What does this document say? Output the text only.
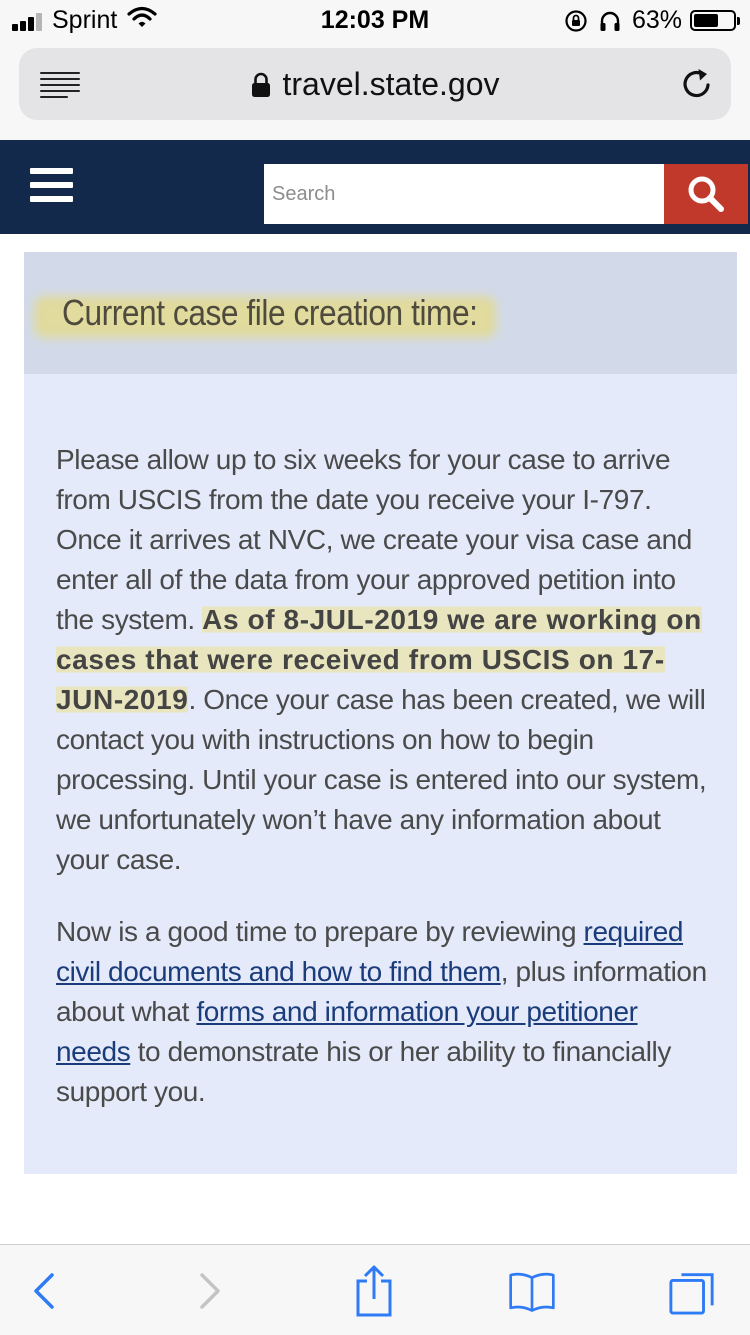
Sprint	12:03 PM	63%
travel.state.gov
Search
Current case file creation time:

Please allow up to six weeks for your case to arrive from USCIS from the date you receive your I-797. Once it arrives at NVC, we create your visa case and enter all of the data from your approved petition into the system. As of 8-JUL-2019 we are working on cases that were received from USCIS on 17-JUN-2019. Once your case has been created, we will contact you with instructions on how to begin processing. Until your case is entered into our system, we unfortunately won’t have any information about your case.

Now is a good time to prepare by reviewing required civil documents and how to find them, plus information about what forms and information your petitioner needs to demonstrate his or her ability to financially support you.
